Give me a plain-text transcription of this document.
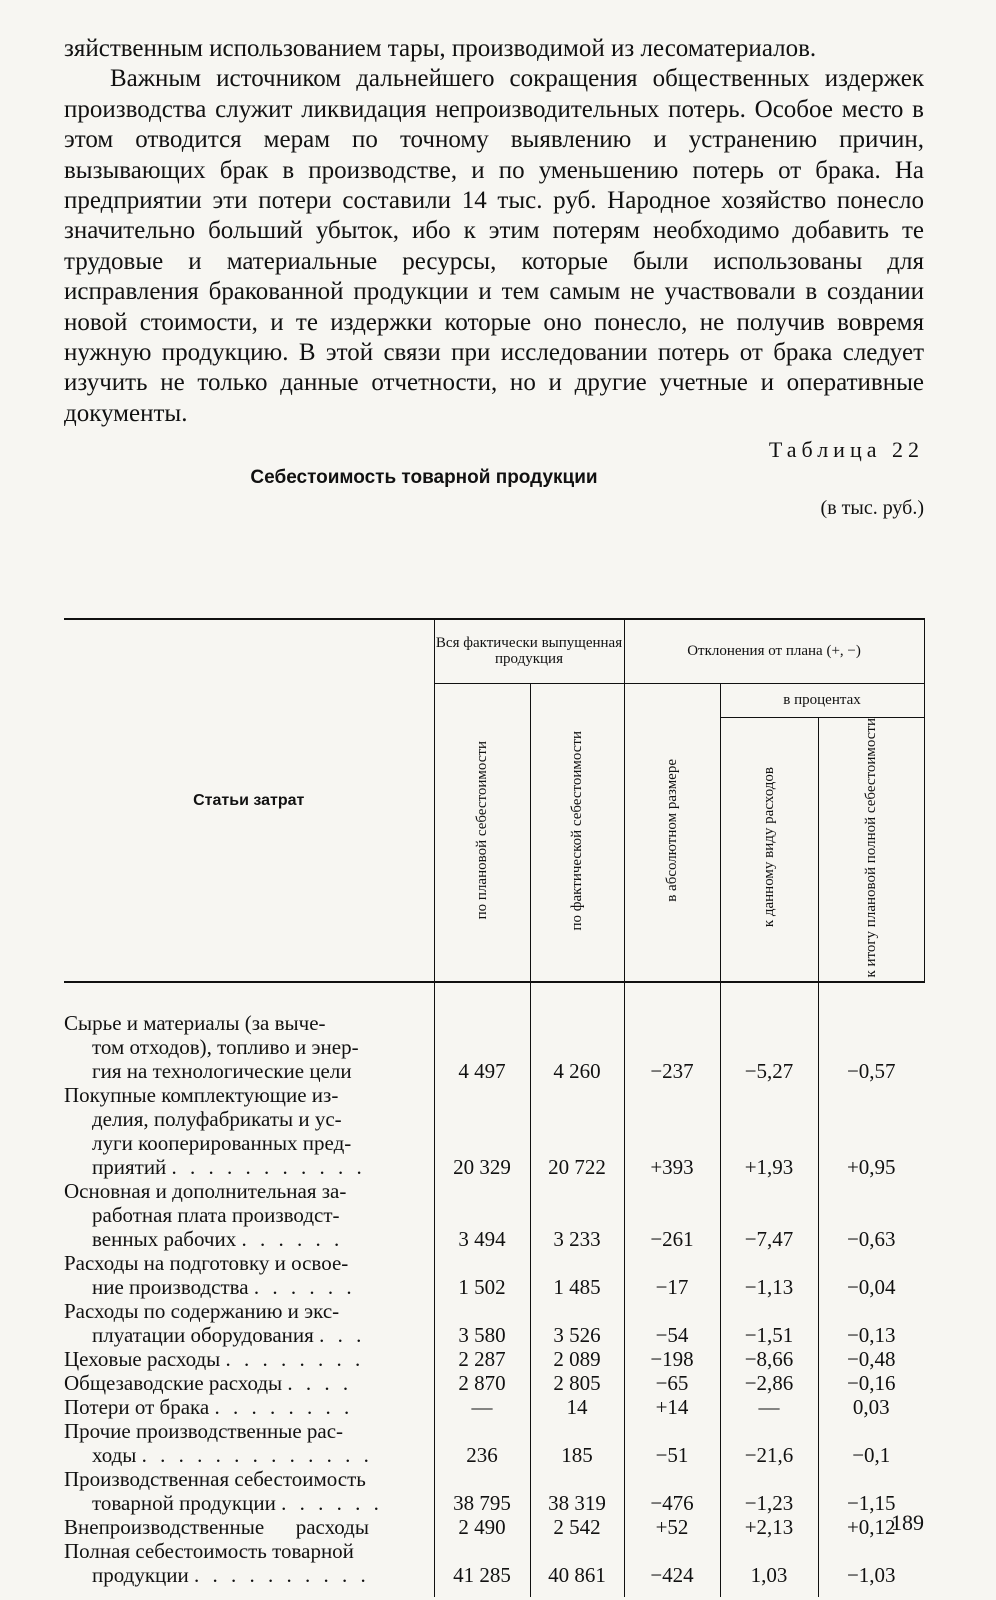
зяйственным использованием тары, производимой из лесоматериалов.

Важным источником дальнейшего сокращения общественных издержек производства служит ликвидация непроизводительных потерь. Особое место в этом отводится мерам по точному выявлению и устранению причин, вызывающих брак в производстве, и по уменьшению потерь от брака. На предприятии эти потери составили 14 тыс. руб. Народное хозяйство понесло значительно больший убыток, ибо к этим потерям необходимо добавить те трудовые и материальные ресурсы, которые были использованы для исправления бракованной продукции и тем самым не участвовали в создании новой стоимости, и те издержки которые оно понесло, не получив вовремя нужную продукцию. В этой связи при исследовании потерь от брака следует изучить не только данные отчетности, но и другие учетные и оперативные документы.

Таблица 22
Себестоимость товарной продукции
(в тыс. руб.)
Статьи затрат	Вся фактически выпущенная продукция		Отклонения от плана (+, −)		
	по плановой себестоимости	по фактической себестоимости	в абсолютном размере	в процентах	
				к данному виду расходов	к итогу плановой полной себестоимости
Сырье и материалы (за выче-
том отходов), топливо и энер-
гия на технологические цели	4 497	4 260	−237	−5,27	−0,57
Покупные комплектующие из-
делия, полуфабрикаты и ус-
луги кооперированных пред-
приятий . . . . . . . . . . .	20 329	20 722	+393	+1,93	+0,95
Основная и дополнительная за-
работная плата производст-
венных рабочих . . . . . .	3 494	3 233	−261	−7,47	−0,63
Расходы на подготовку и освое-
ние производства . . . . . .	1 502	1 485	−17	−1,13	−0,04
Расходы по содержанию и экс-
плуатации оборудования . . .	3 580	3 526	−54	−1,51	−0,13
Цеховые расходы . . . . . . . .	2 287	2 089	−198	−8,66	−0,48
Общезаводские расходы . . . .	2 870	2 805	−65	−2,86	−0,16
Потери от брака . . . . . . . .	—	14	+14	—	0,03
Прочие производственные рас-
ходы . . . . . . . . . . . . .	236	185	−51	−21,6	−0,1
Производственная себестоимость
товарной продукции . . . . . .	38 795	38 319	−476	−1,23	−1,15
Внепроизводственные      расходы	2 490	2 542	+52	+2,13	+0,12
Полная себестоимость товарной
продукции . . . . . . . . . .	41 285	40 861	−424	1,03	−1,03
189
